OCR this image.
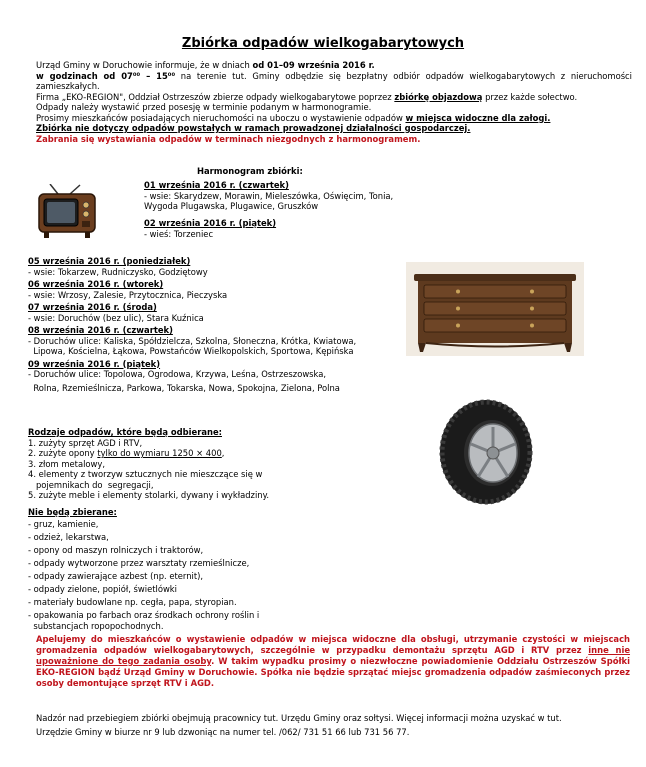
Zbiórka odpadów wielkogabarytowych

Urząd Gminy w Doruchowie informuje, że w dniach od 01–09 września 2016 r.

w godzinach od 07⁰⁰ – 15⁰⁰ na terenie tut. Gminy odbędzie się bezpłatny odbiór odpadów wielkogabarytowych z nieruchomości zamieszkałych.

Firma „EKO-REGION", Oddział Ostrzeszów zbierze odpady wielkogabarytowe poprzez zbiórkę objazdową przez każde sołectwo.

Odpady należy wystawić przed posesję w terminie podanym w harmonogramie.

Prosimy mieszkańców posiadających nieruchomości na uboczu o wystawienie odpadów w miejsca widoczne dla załogi.

Zbiórka nie dotyczy odpadów powstałych w ramach prowadzonej działalności gospodarczej.

Zabrania się wystawiania odpadów w terminach niezgodnych z harmonogramem.

Harmonogram zbiórki:
01 września 2016 r. (czwartek)
- wsie: Skarydzew, Morawin, Mieleszówka, Oświęcim, Tonia,
Wygoda Plugawska, Plugawice, Gruszków
02 września 2016 r. (piątek)
- wieś: Torzeniec
05 września 2016 r. (poniedziałek)
- wsie: Tokarzew, Rudniczysko, Godziętowy
06 września 2016 r. (wtorek)
- wsie: Wrzosy, Zalesie, Przytocznica, Pieczyska
07 września 2016 r. (środa)
- wsie: Doruchów (bez ulic), Stara Kuźnica
08 września 2016 r. (czwartek)
- Doruchów ulice: Kaliska, Spółdzielcza, Szkolna, Słoneczna, Krótka, Kwiatowa,
Lipowa, Kościelna, Łąkowa, Powstańców Wielkopolskich, Sportowa, Kępińska
09 września 2016 r. (piątek)
- Doruchów ulice: Topolowa, Ogrodowa, Krzywa, Leśna, Ostrzeszowska,
Rolna, Rzemieślnicza, Parkowa, Tokarska, Nowa, Spokojna, Zielona, Polna
Rodzaje odpadów, które będą odbierane:
1. zużyty sprzęt AGD i RTV,
2. zużyte opony tylko do wymiaru 1250 × 400,
3. złom metalowy,
4. elementy z tworzyw sztucznych nie mieszczące się w
pojemnikach do  segregacji,
5. zużyte meble i elementy stolarki, dywany i wykładziny.
Nie będą zbierane:
- gruz, kamienie,
- odzież, lekarstwa,
- opony od maszyn rolniczych i traktorów,
- odpady wytworzone przez warsztaty rzemieślnicze,
- odpady zawierające azbest (np. eternit),
- odpady zielone, popiół, świetlówki
- materiały budowlane np. cegła, papa, styropian.
- opakowania po farbach oraz środkach ochrony roślin i
substancjach ropopochodnych.
Apelujemy do mieszkańców o wystawienie odpadów w miejsca widoczne dla obsługi, utrzymanie czystości w miejscach gromadzenia odpadów wielkogabarytowych, szczególnie w przypadku demontażu sprzętu AGD i RTV przez inne nie upoważnione do tego zadania osoby. W takim wypadku prosimy o niezwłoczne powiadomienie Oddziału Ostrzeszów Spółki EKO-REGION bądź Urząd Gminy w Doruchowie. Spółka nie będzie sprzątać miejsc gromadzenia odpadów zaśmieconych przez osoby demontujące sprzęt RTV i AGD.
Nadzór nad przebiegiem zbiórki obejmują pracownicy tut. Urzędu Gminy oraz sołtysi. Więcej informacji można uzyskać w tut.
Urzędzie Gminy w biurze nr 9 lub dzwoniąc na numer tel. /062/ 731 51 66 lub 731 56 77.
